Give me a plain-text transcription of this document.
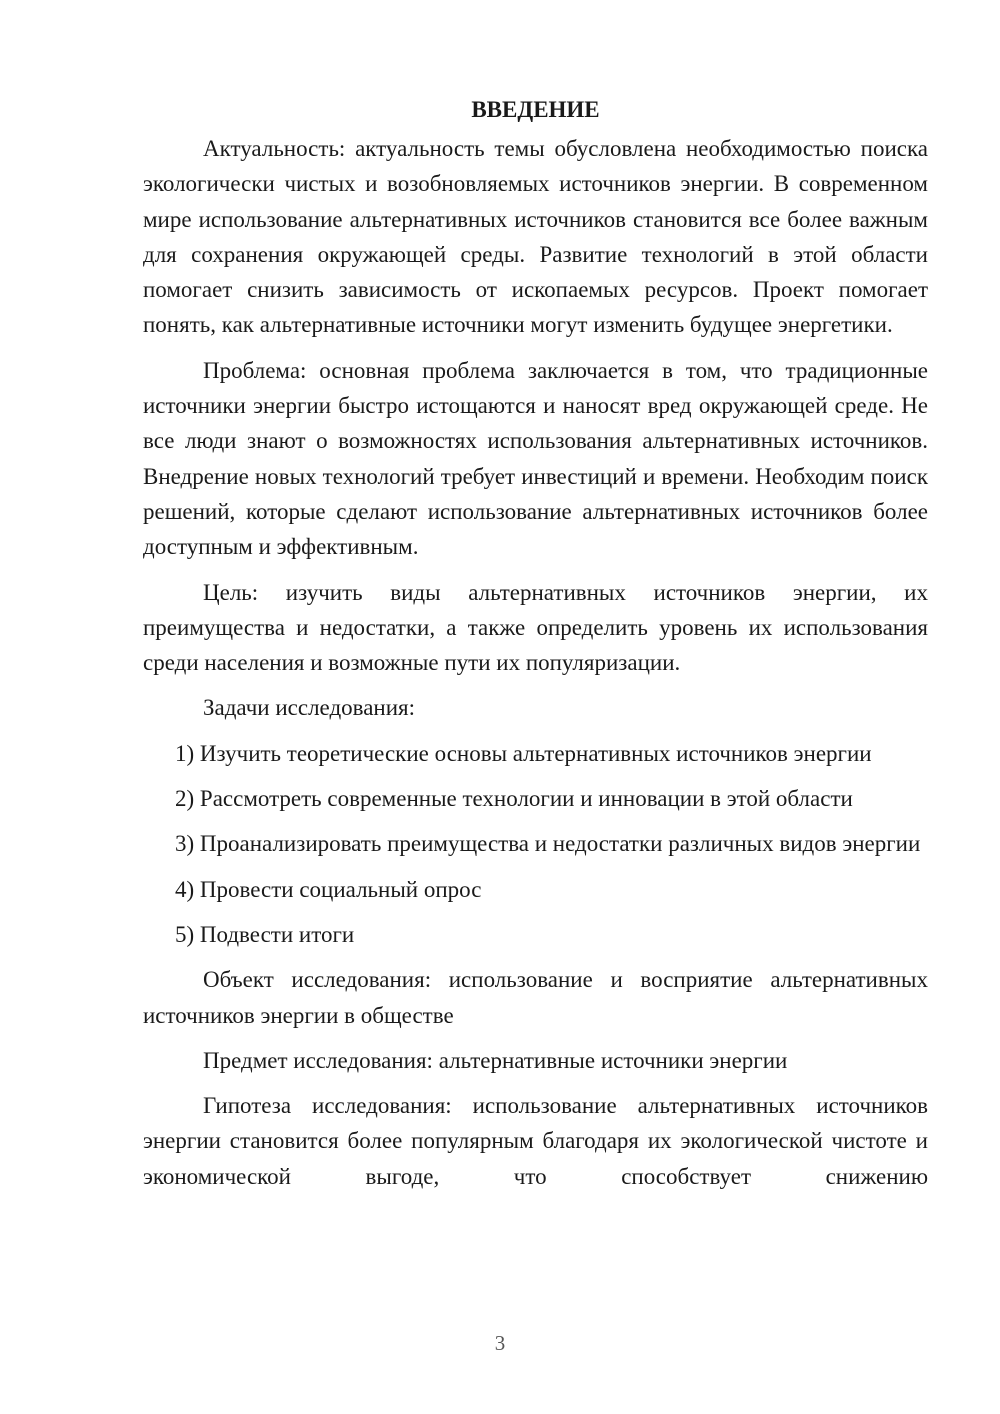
ВВЕДЕНИЕ

Актуальность: актуальность темы обусловлена необходимостью поиска экологически чистых и возобновляемых источников энергии. В современном мире использование альтернативных источников становится все более важным для сохранения окружающей среды. Развитие технологий в этой области помогает снизить зависимость от ископаемых ресурсов. Проект помогает понять, как альтернативные источники могут изменить будущее энергетики.

Проблема: основная проблема заключается в том, что традиционные источники энергии быстро истощаются и наносят вред окружающей среде. Не все люди знают о возможностях использования альтернативных источников. Внедрение новых технологий требует инвестиций и времени. Необходим поиск решений, которые сделают использование альтернативных источников более доступным и эффективным.

Цель: изучить виды альтернативных источников энергии, их преимущества и недостатки, а также определить уровень их использования среди населения и возможные пути их популяризации.

Задачи исследования:

1) Изучить теоретические основы альтернативных источников энергии

2) Рассмотреть современные технологии и инновации в этой области

3) Проанализировать преимущества и недостатки различных видов энергии

4) Провести социальный опрос

5) Подвести итоги

Объект исследования: использование и восприятие альтернативных источников энергии в обществе

Предмет исследования: альтернативные источники энергии

Гипотеза исследования: использование альтернативных источников энергии становится более популярным благодаря их экологической чистоте и экономической выгоде, что способствует снижению

3
